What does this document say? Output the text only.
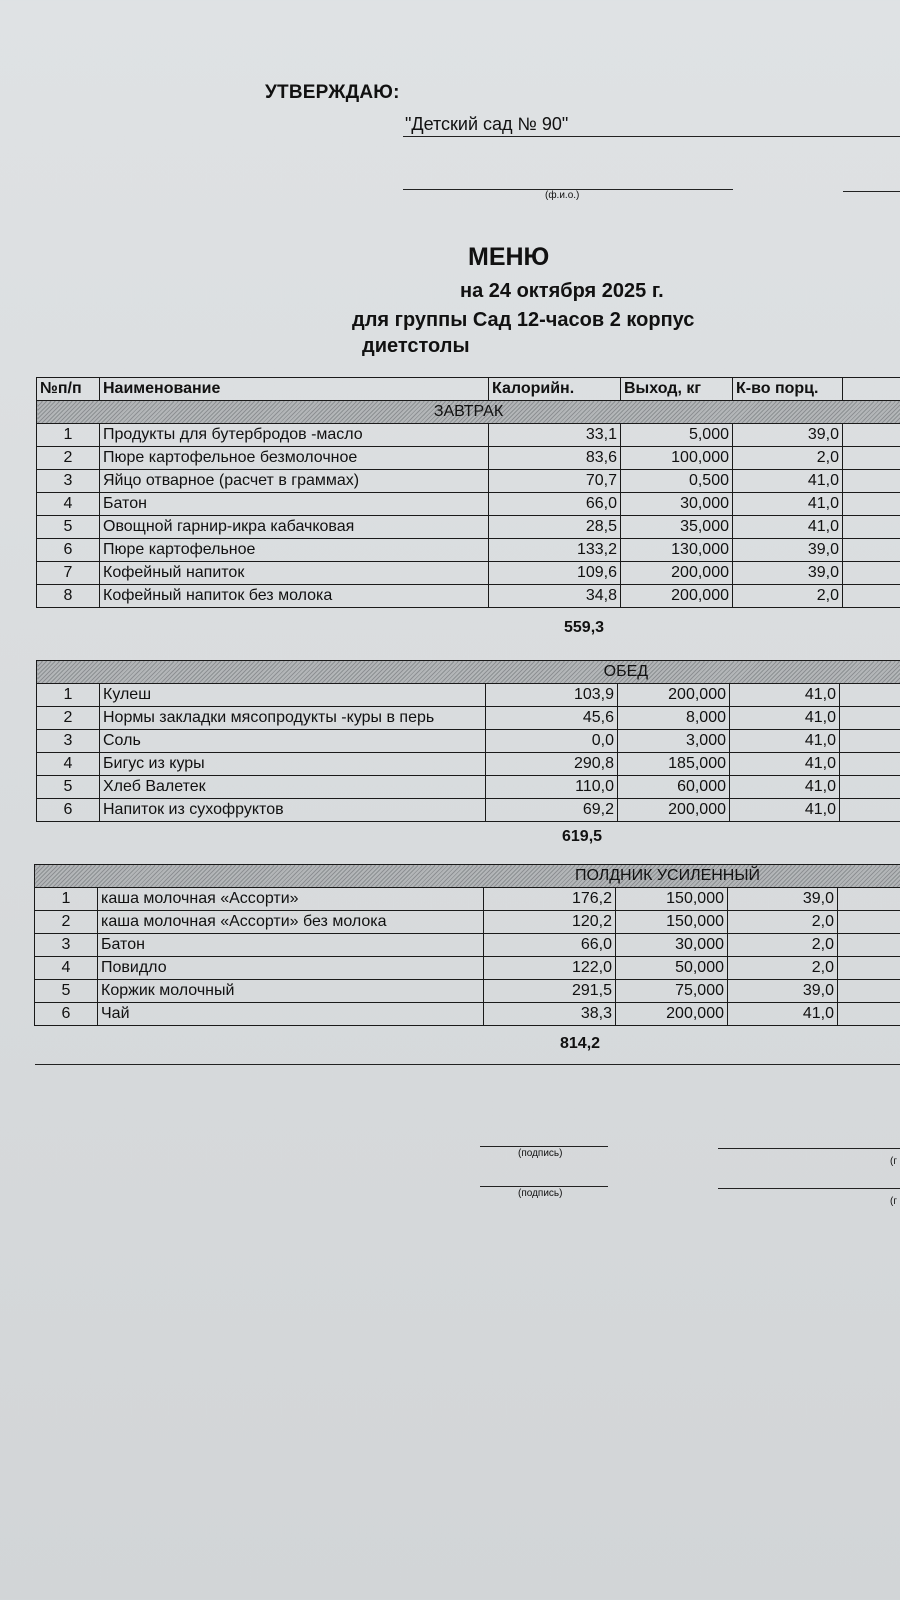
УТВЕРЖДАЮ:
"Детский сад № 90"
(ф.и.о.)
МЕНЮ
на 24 октября 2025 г.
для группы Сад 12-часов 2 корпус
диетстолы
№п/п	Наименование	Калорийн.	Выход, кг	К-во порц.	
ЗАВТРАК					
1	Продукты для бутербродов -масло	33,1	5,000	39,0	
2	Пюре картофельное безмолочное	83,6	100,000	2,0	
3	Яйцо отварное (расчет в граммах)	70,7	0,500	41,0	
4	Батон	66,0	30,000	41,0	
5	Овощной гарнир-икра кабачковая	28,5	35,000	41,0	
6	Пюре картофельное	133,2	130,000	39,0	
7	Кофейный напиток	109,6	200,000	39,0	
8	Кофейный напиток без молока	34,8	200,000	2,0	
559,3
ОБЕД					
1	Кулеш	103,9	200,000	41,0	
2	Нормы закладки мясопродукты -куры в перь	45,6	8,000	41,0	
3	Соль	0,0	3,000	41,0	
4	Бигус из куры	290,8	185,000	41,0	
5	Хлеб Валетек	110,0	60,000	41,0	
6	Напиток из сухофруктов	69,2	200,000	41,0	
619,5
ПОЛДНИК УСИЛЕННЫЙ					
1	каша молочная «Ассорти»	176,2	150,000	39,0	
2	каша молочная «Ассорти» без молока	120,2	150,000	2,0	
3	Батон	66,0	30,000	2,0	
4	Повидло	122,0	50,000	2,0	
5	Коржик молочный	291,5	75,000	39,0	
6	Чай	38,3	200,000	41,0	
814,2
(подпись)
(подпись)
(г
(г
